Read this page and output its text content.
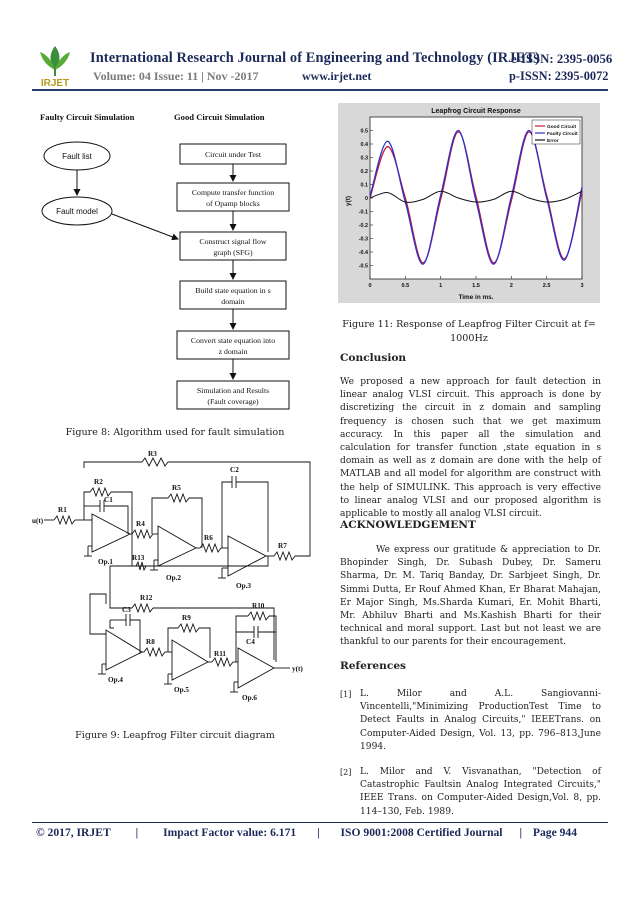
IRJET
International Research Journal of Engineering and Technology (IRJET)
e-ISSN: 2395-0056
Volume: 04 Issue: 11 | Nov -2017	www.irjet.net	p-ISSN: 2395-0072
Faulty Circuit Simulation	Good Circuit Simulation
Fault list
Fault model
Circuit under Test
Compute transfer function
of Opamp blocks
Construct signal flow
graph (SFG)
Build state equation in s
domain
Convert state equation into
z domain
Simulation and Results
(Fault coverage)
Figure 8: Algorithm used for fault simulation
u(t)
R1
R2
R3
R4
R5
R6
R7
R8
R9
R10
R11
R12
R13
C1
C2
C3
C4
Op.1
Op.2
Op.3
Op.4
Op.5
Op.6
y(t)
Figure 9: Leapfrog Filter circuit diagram
Leapfrog Circuit Response
Time in ms.
y(t)
0	0.5	1	1.5	2	2.5	3
0.5
0.4
0.3
0.2
0.1
0
-0.1
-0.2
-0.3
-0.4
-0.5
Good Circuit
Faulty Circuit
Error
Figure 11: Response of Leapfrog Filter Circuit at f= 1000Hz
Conclusion
We proposed a new approach for fault detection in linear analog VLSI circuit. This approach is done by discretizing the circuit in z domain and sampling frequency is chosen such that we get maximum accuracy. In this paper all the simulation and calculation for transfer function ,state equation in s domain as well as z domain are done with the help of MATLAB and all model for algorithm are construct with the help of SIMULINK. This approach is very effective to linear analog VLSI and our proposed algorithm is applicable to mostly all analog VLSI circuit.
ACKNOWLEDGEMENT
We express our gratitude & appreciation to Dr. Bhopinder Singh, Dr. Subash Dubey, Dr. Sameru Sharma, Dr. M. Tariq Banday, Dr. Sarbjeet Singh, Dr. Simmi Dutta, Er Rouf Ahmed Khan, Er Bharat Mahajan, Er Major Singh, Ms.Sharda Kumari, Er. Mohit Bharti, Mr. Abhiluv Bharti and Ms.Kashish Bharti for their technical and moral support. Last but not least we are thankful to our parents for their encouragement.
References
[1] L. Milor and A.L. Sangiovanni-Vincentelli,"Minimizing ProductionTest Time to Detect Faults in Analog Circuits," IEEETrans. on Computer-Aided Design, Vol. 13, pp. 796–813,June 1994.
[2] L. Milor and V. Visvanathan, "Detection of Catastrophic Faultsin Analog Integrated Circuits," IEEE Trans. on Computer-Aided Design,Vol. 8, pp. 114–130, Feb. 1989.
© 2017, IRJET | Impact Factor value: 6.171 | ISO 9001:2008 Certified Journal | Page 944
